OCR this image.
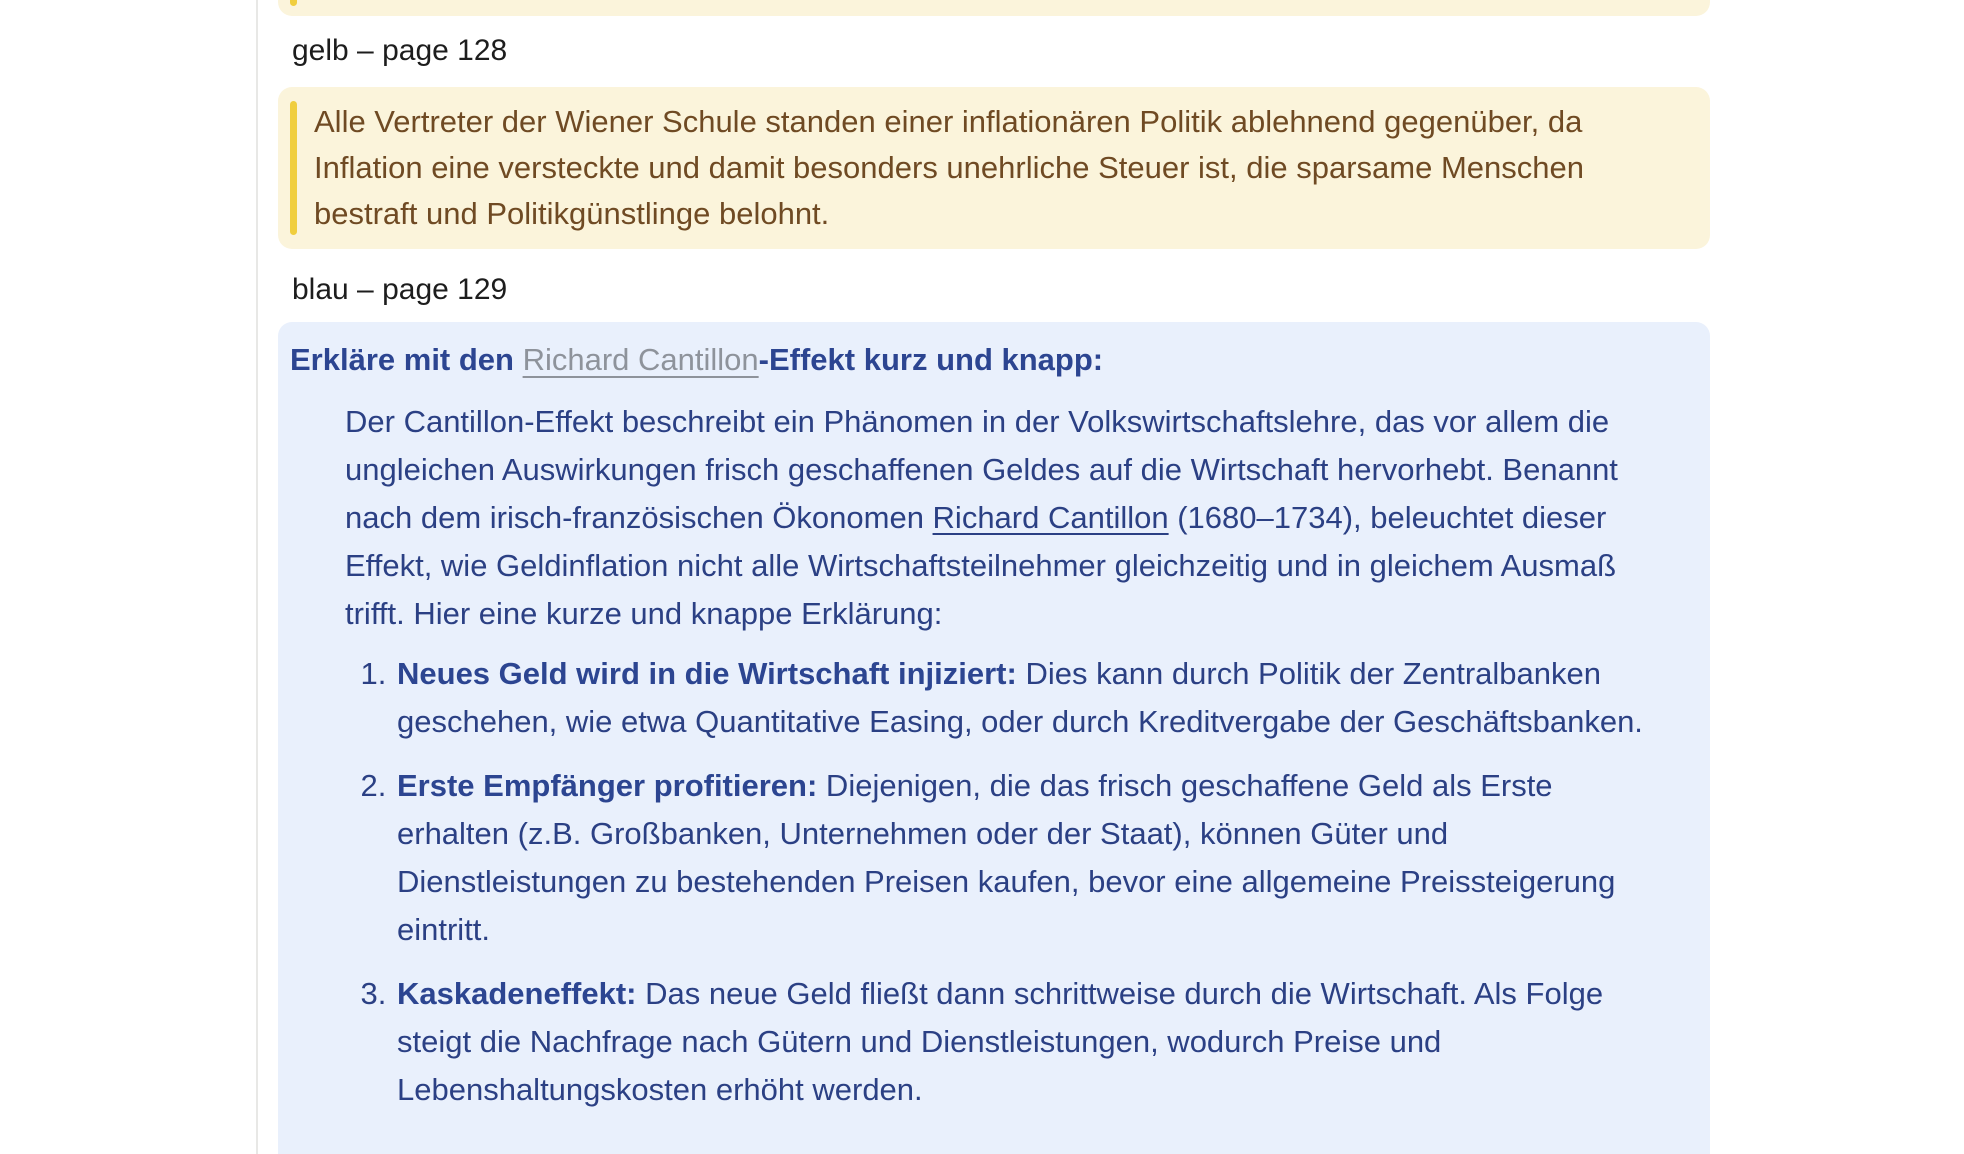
gelb – page 128
Alle Vertreter der Wiener Schule standen einer inflationären Politik ablehnend gegenüber, da Inflation eine versteckte und damit besonders unehrliche Steuer ist, die sparsame Menschen bestraft und Politikgünstlinge belohnt.
blau – page 129

Erkläre mit den Richard Cantillon-Effekt kurz und knapp:

Der Cantillon-Effekt beschreibt ein Phänomen in der Volkswirtschaftslehre, das vor allem die ungleichen Auswirkungen frisch geschaffenen Geldes auf die Wirtschaft hervorhebt. Benannt nach dem irisch-französischen Ökonomen Richard Cantillon (1680–1734), beleuchtet dieser Effekt, wie Geldinflation nicht alle Wirtschaftsteilnehmer gleichzeitig und in gleichem Ausmaß trifft. Hier eine kurze und knappe Erklärung:

1. Neues Geld wird in die Wirtschaft injiziert: Dies kann durch Politik der Zentralbanken geschehen, wie etwa Quantitative Easing, oder durch Kreditvergabe der Geschäftsbanken.
2. Erste Empfänger profitieren: Diejenigen, die das frisch geschaffene Geld als Erste erhalten (z.B. Großbanken, Unternehmen oder der Staat), können Güter und Dienstleistungen zu bestehenden Preisen kaufen, bevor eine allgemeine Preissteigerung eintritt.
3. Kaskadeneffekt: Das neue Geld fließt dann schrittweise durch die Wirtschaft. Als Folge steigt die Nachfrage nach Gütern und Dienstleistungen, wodurch Preise und Lebenshaltungskosten erhöht werden.
